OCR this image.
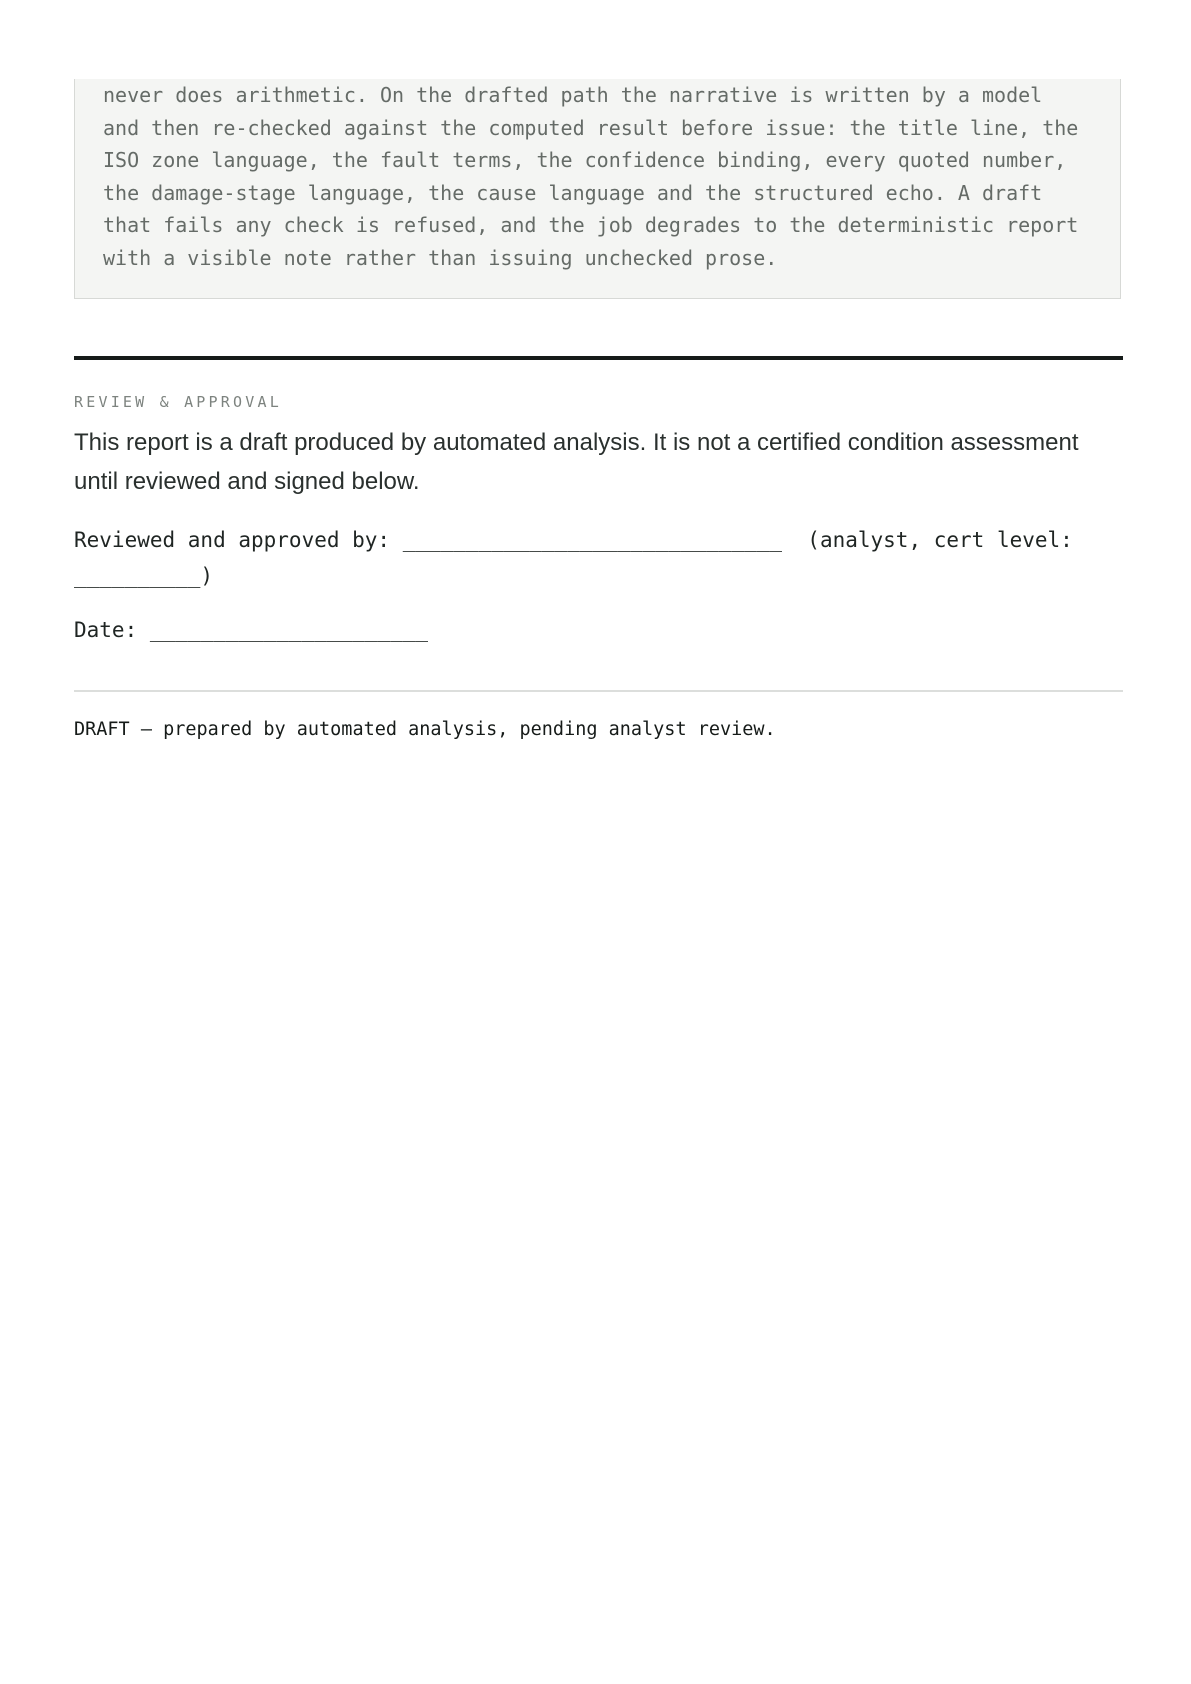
never does arithmetic. On the drafted path the narrative is written by a model
and then re-checked against the computed result before issue: the title line, the
ISO zone language, the fault terms, the confidence binding, every quoted number,
the damage-stage language, the cause language and the structured echo. A draft
that fails any check is refused, and the job degrades to the deterministic report
with a visible note rather than issuing unchecked prose.
REVIEW & APPROVAL

This report is a draft produced by automated analysis. It is not a certified condition assessment until reviewed and signed below.

Reviewed and approved by: ______________________________  (analyst, cert level:
__________)
Date: ______________________
DRAFT — prepared by automated analysis, pending analyst review.
